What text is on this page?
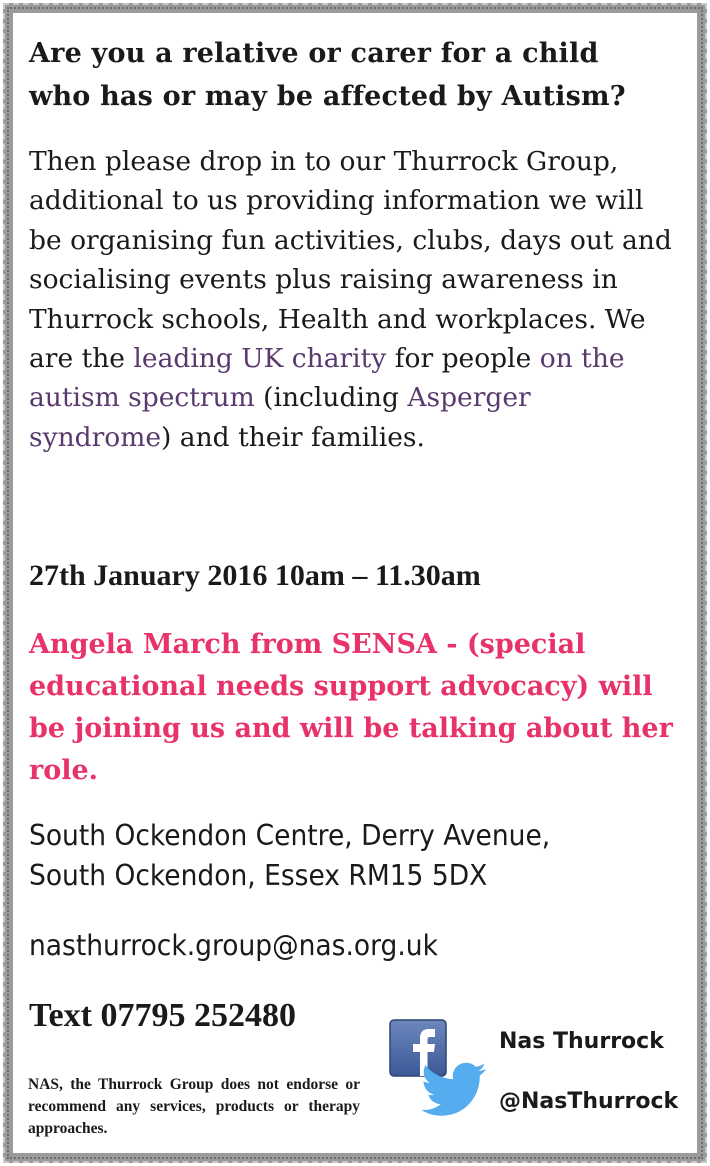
Are you a relative or carer for a child
who has or may be affected by Autism?

Then please drop in to our Thurrock Group, additional to us providing information we will be organising fun activities, clubs, days out and socialising events plus raising awareness in Thurrock schools, Health and workplaces. We are the leading UK charity for people on the autism spectrum (including Asperger syndrome) and their families.

27th January 2016 10am – 11.30am
Angela March from SENSA - (special educational needs support advocacy) will be joining us and will be talking about her role.
South Ockendon Centre, Derry Avenue,
South Ockendon, Essex RM15 5DX
nasthurrock.group@nas.org.uk
Text 07795 252480
NAS, the Thurrock Group does not endorse or recommend any services, products or therapy approaches.
Nas Thurrock
@NasThurrock
